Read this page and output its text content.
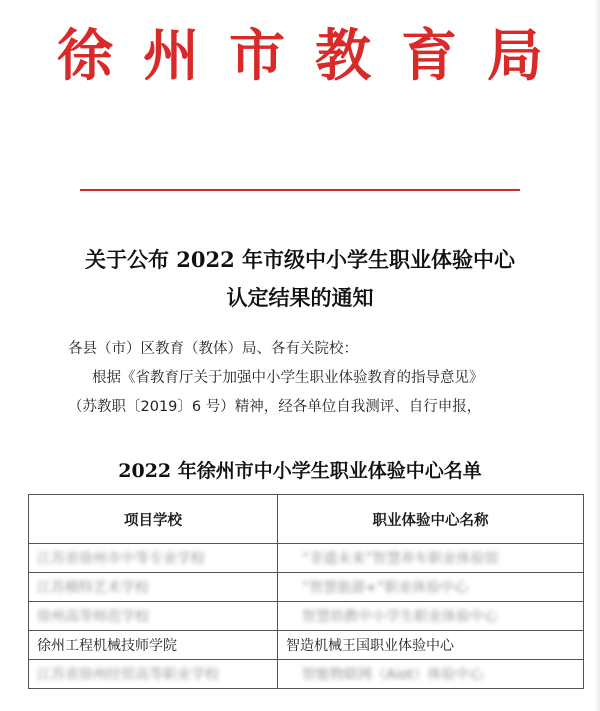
徐州市教育局
关于公布 2022 年市级中小学生职业体验中心
认定结果的通知
各县（市）区教育（教体）局、各有关院校：
根据《省教育厅关于加强中小学生职业体验教育的指导意见》
（苏教职〔2019〕6 号）精神，经各单位自我测评、自行申报，
2022 年徐州市中小学生职业体验中心名单
项目学校	职业体验中心名称
江苏省徐州市中等专业学校	“非遗未来”智慧养车职业体验馆
江苏模特艺术学校	“智慧旅游+”职业体验中心
徐州高等师范学校	智慧幼教中小学生职业体验中心
徐州工程机械技师学院	智造机械王国职业体验中心
江苏省徐州经贸高等职业学校	智能物联网（Aiot）体验中心
